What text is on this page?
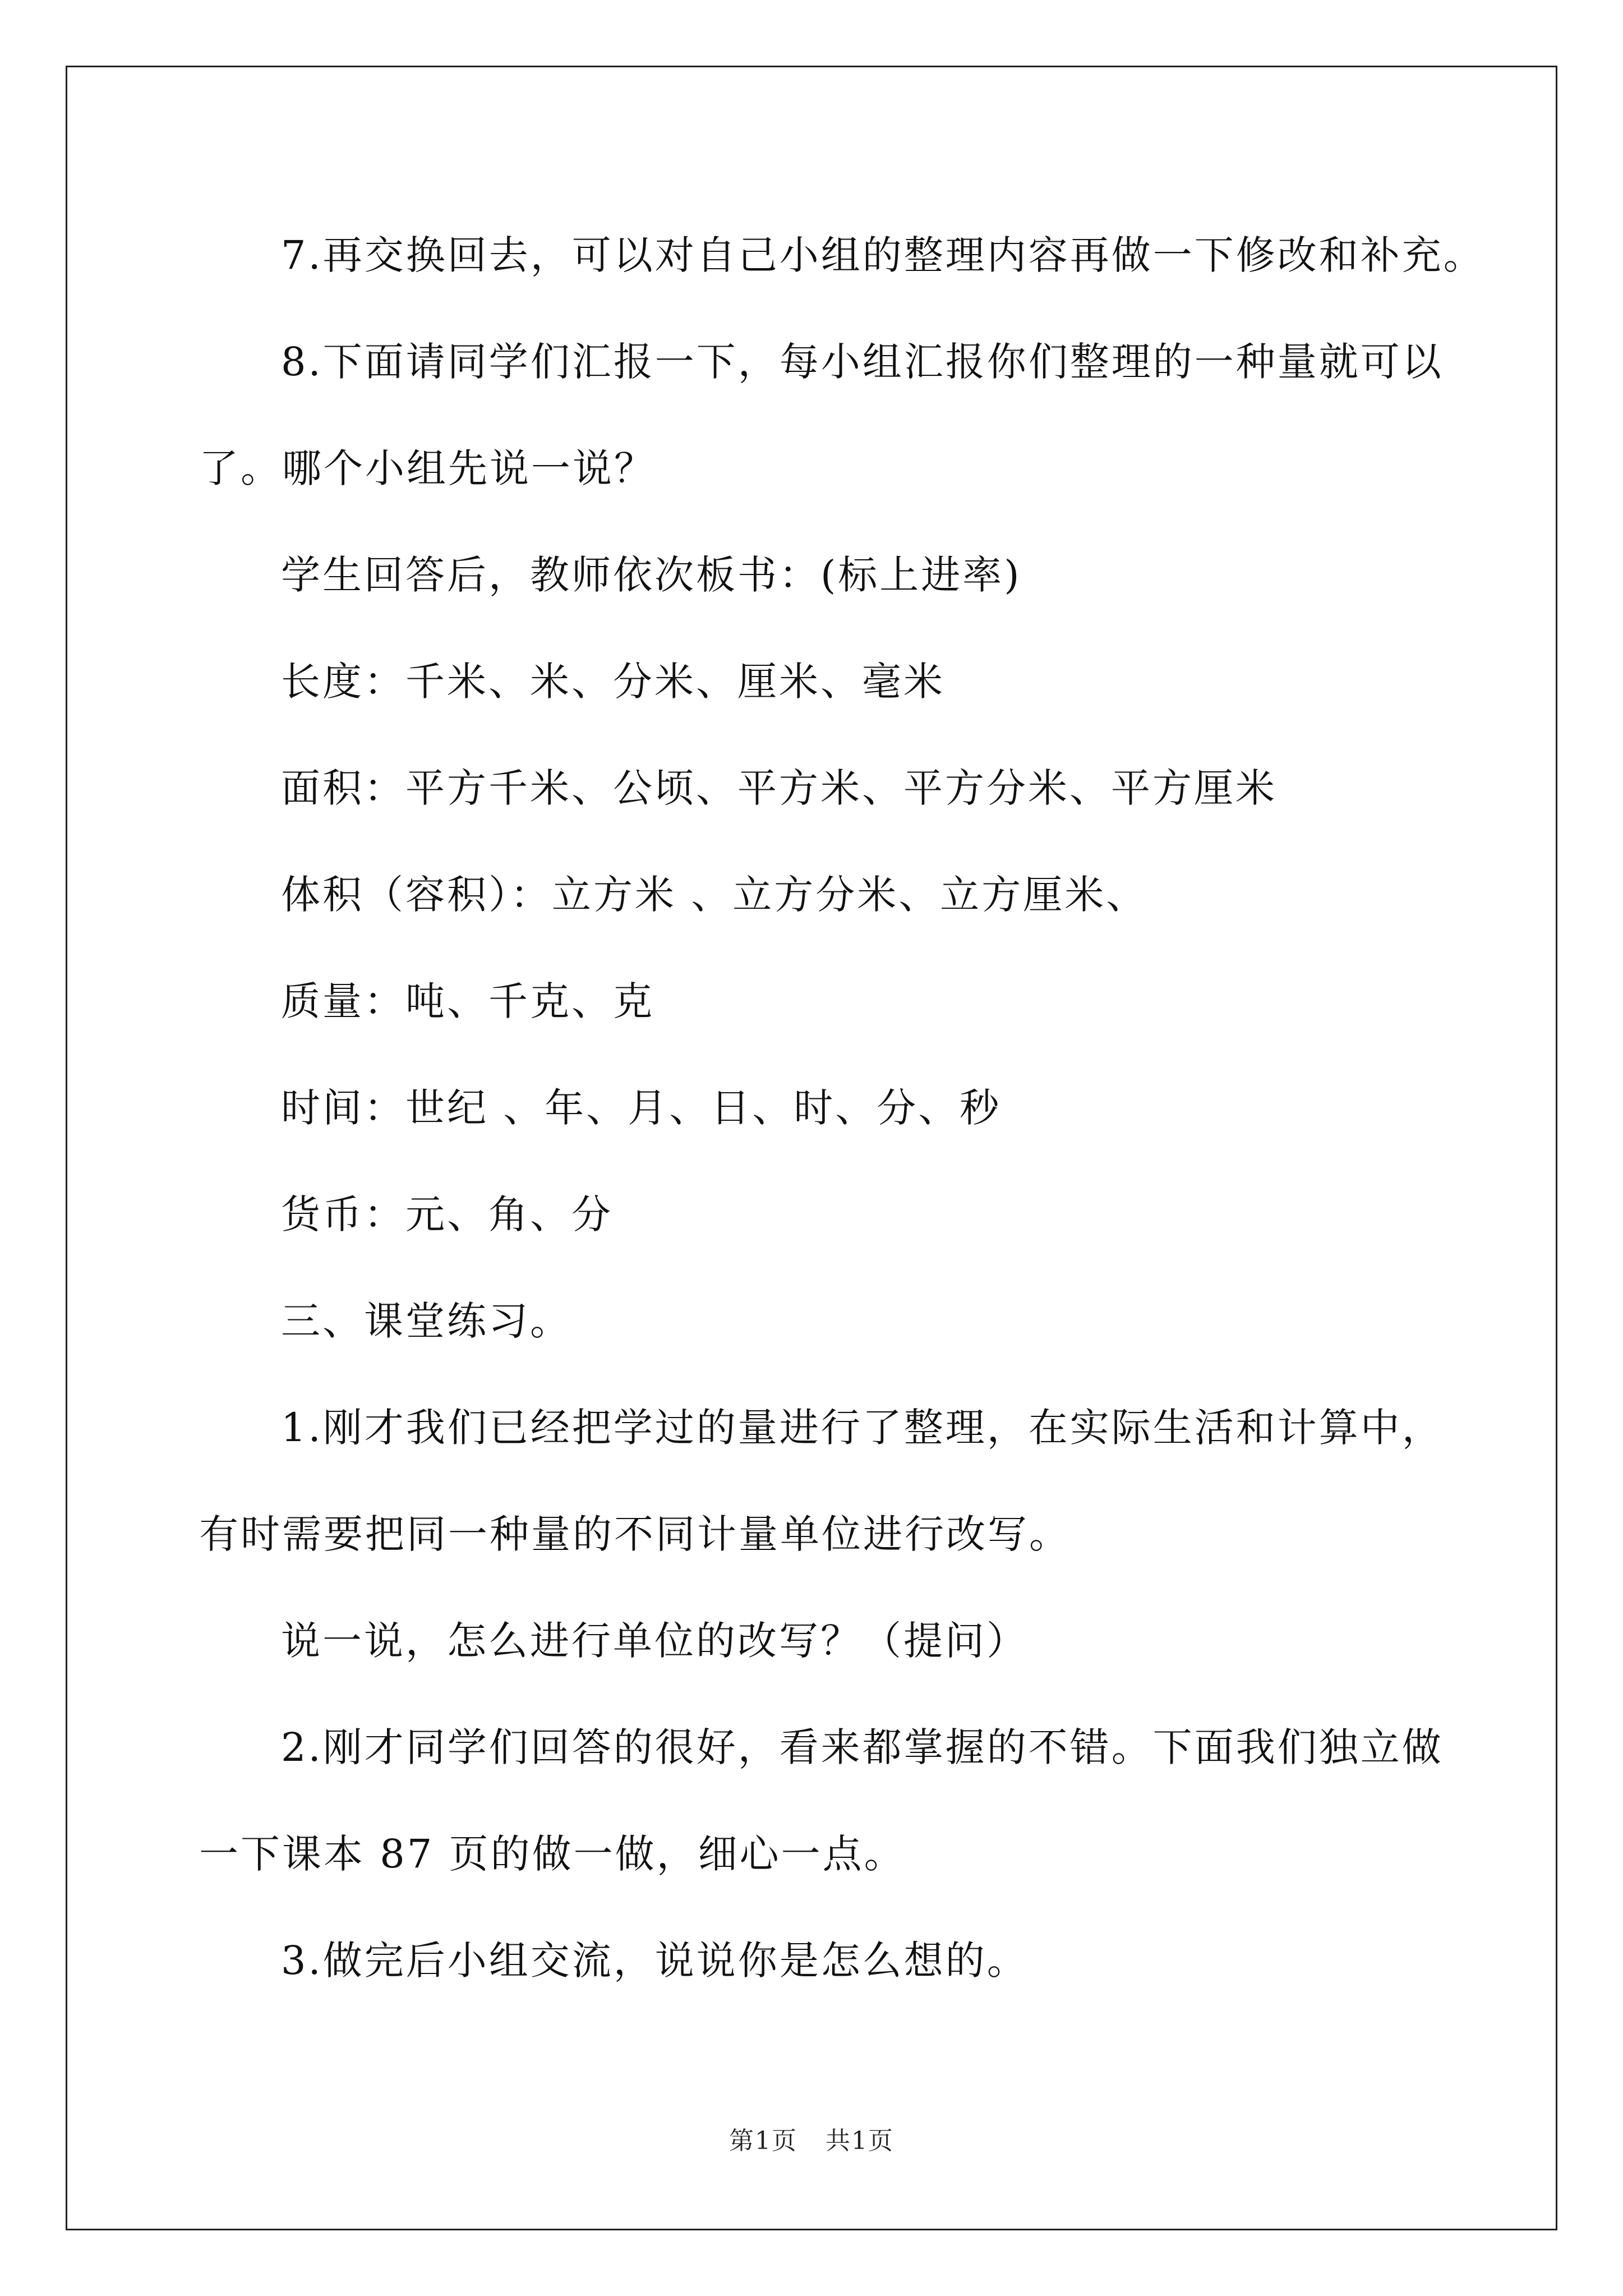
7.再交换回去，可以对自己小组的整理内容再做一下修改和补充。

8.下面请同学们汇报一下，每小组汇报你们整理的一种量就可以

了。哪个小组先说一说？

学生回答后，教师依次板书：(标上进率)

长度：千米、米、分米、厘米、毫米

面积：平方千米、公顷、平方米、平方分米、平方厘米

体积（容积）：立方米 、立方分米、立方厘米、

质量：吨、千克、克

时间：世纪 、年、月、日、时、分、秒

货币：元、角、分

三、课堂练习。

1.刚才我们已经把学过的量进行了整理，在实际生活和计算中，

有时需要把同一种量的不同计量单位进行改写。

说一说，怎么进行单位的改写？（提问）

2.刚才同学们回答的很好，看来都掌握的不错。下面我们独立做

一下课本 87 页的做一做，细心一点。

3.做完后小组交流，说说你是怎么想的。

第1页 共1页
